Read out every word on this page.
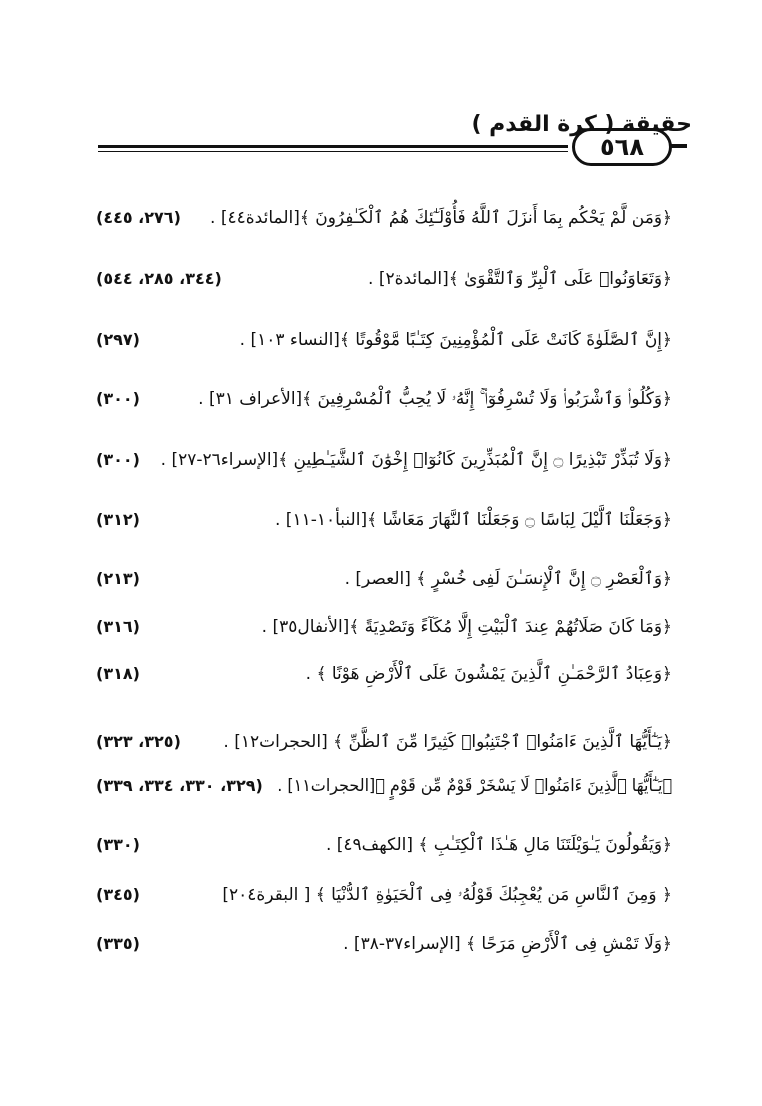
حقيقة ( كرة القدم )
٥٦٨
﴿وَمَن لَّمْ يَحْكُم بِمَا أَنزَلَ ٱللَّهُ فَأُوْلَـٰٓئِكَ هُمُ ٱلْكَـٰفِرُونَ ﴾[المائدة٤٤] .
(٢٧٦، ٤٤٥)
﴿وَتَعَاوَنُوا۟ عَلَى ٱلْبِرِّ وَٱلتَّقْوَىٰ ﴾[المائدة٢] .
(٣٤٤، ٢٨٥، ٥٤٤)
﴿إِنَّ ٱلصَّلَوٰةَ كَانَتْ عَلَى ٱلْمُؤْمِنِينَ كِتَـٰبًا مَّوْقُوتًا ﴾[النساء ١٠٣] .
(٢٩٧)
﴿وَكُلُوا۟ وَٱشْرَبُوا۟ وَلَا تُسْرِفُوٓا۟ ۚ إِنَّهُۥ لَا يُحِبُّ ٱلْمُسْرِفِينَ ﴾[الأعراف ٣١] .
(٣٠٠)
﴿وَلَا تُبَذِّرْ تَبْذِيرًا ۝ إِنَّ ٱلْمُبَذِّرِينَ كَانُوٓا۟ إِخْوَٰنَ ٱلشَّيَـٰطِينِ ﴾[الإسراء٢٦-٢٧] .
(٣٠٠)
﴿وَجَعَلْنَا ٱلَّيْلَ لِبَاسًا ۝ وَجَعَلْنَا ٱلنَّهَارَ مَعَاشًا ﴾[النبأ١٠-١١] .
(٣١٢)
﴿وَٱلْعَصْرِ ۝ إِنَّ ٱلْإِنسَـٰنَ لَفِى خُسْرٍ ﴾ [العصر] .
(٢١٣)
﴿وَمَا كَانَ صَلَاتُهُمْ عِندَ ٱلْبَيْتِ إِلَّا مُكَآءً وَتَصْدِيَةً ﴾[الأنفال٣٥] .
(٣١٦)
﴿وَعِبَادُ ٱلرَّحْمَـٰنِ ٱلَّذِينَ يَمْشُونَ عَلَى ٱلْأَرْضِ هَوْنًا ﴾ .
(٣١٨)
﴿يَـٰٓأَيُّهَا ٱلَّذِينَ ءَامَنُوا۟ ٱجْتَنِبُوا۟ كَثِيرًا مِّنَ ٱلظَّنِّ ﴾ [الحجرات١٢] .
(٣٢٥، ٣٢٣)
﴿يَـٰٓأَيُّهَا ٱلَّذِينَ ءَامَنُوا۟ لَا يَسْخَرْ قَوْمٌ مِّن قَوْمٍ ﴾[الحجرات١١] .
(٣٢٩، ٣٣٠، ٣٣٤، ٣٣٩)
﴿وَيَقُولُونَ يَـٰوَيْلَتَنَا مَالِ هَـٰذَا ٱلْكِتَـٰبِ ﴾ [الكهف٤٩] .
(٣٣٠)
﴿ وَمِنَ ٱلنَّاسِ مَن يُعْجِبُكَ قَوْلُهُۥ فِى ٱلْحَيَوٰةِ ٱلدُّنْيَا ﴾ [ البقرة٢٠٤]
(٣٤٥)
﴿وَلَا تَمْشِ فِى ٱلْأَرْضِ مَرَحًا ﴾ [الإسراء٣٧-٣٨] .
(٣٣٥)
